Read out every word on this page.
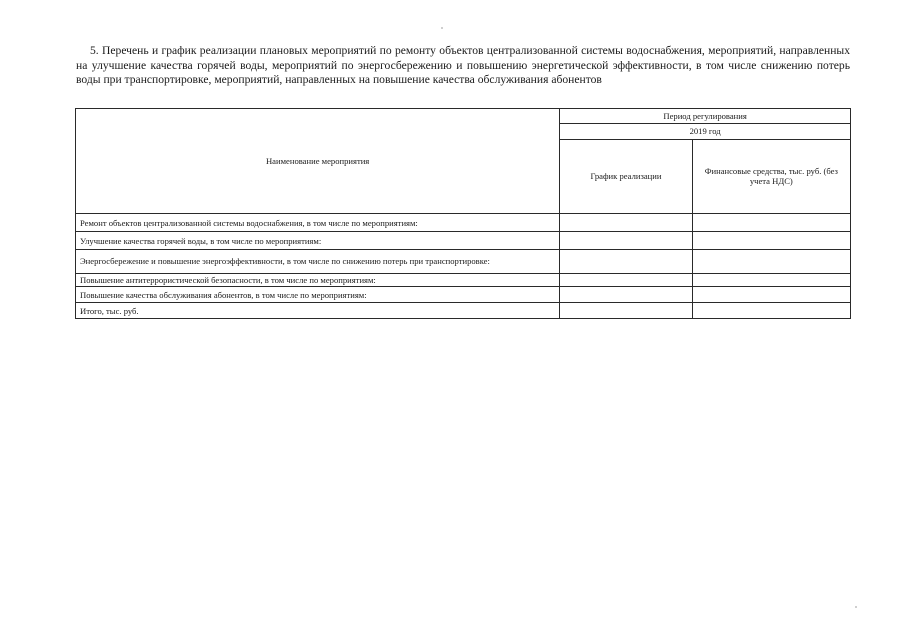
5. Перечень и график реализации плановых мероприятий по ремонту объектов централизованной системы водоснабжения, мероприятий, направленных на улучшение качества горячей воды, мероприятий по энергосбережению и повышению энергетической эффективности, в том числе снижению потерь воды при транспортировке, мероприятий, направленных на повышение качества обслуживания абонентов

Наименование мероприятия	Период регулирования	
	2019 год	
	График реализации	Финансовые средства, тыс. руб. (без учета НДС)
Ремонт объектов централизованной системы водоснабжения, в том числе по мероприятиям:		
Улучшение качества горячей воды, в том числе по мероприятиям:		
Энергосбережение и повышение энергоэффективности, в том числе по снижению потерь при транспортировке:		
Повышение антитеррористической безопасности, в том числе по мероприятиям:		
Повышение качества обслуживания абонентов, в том числе по мероприятиям:		
Итого, тыс. руб.		
